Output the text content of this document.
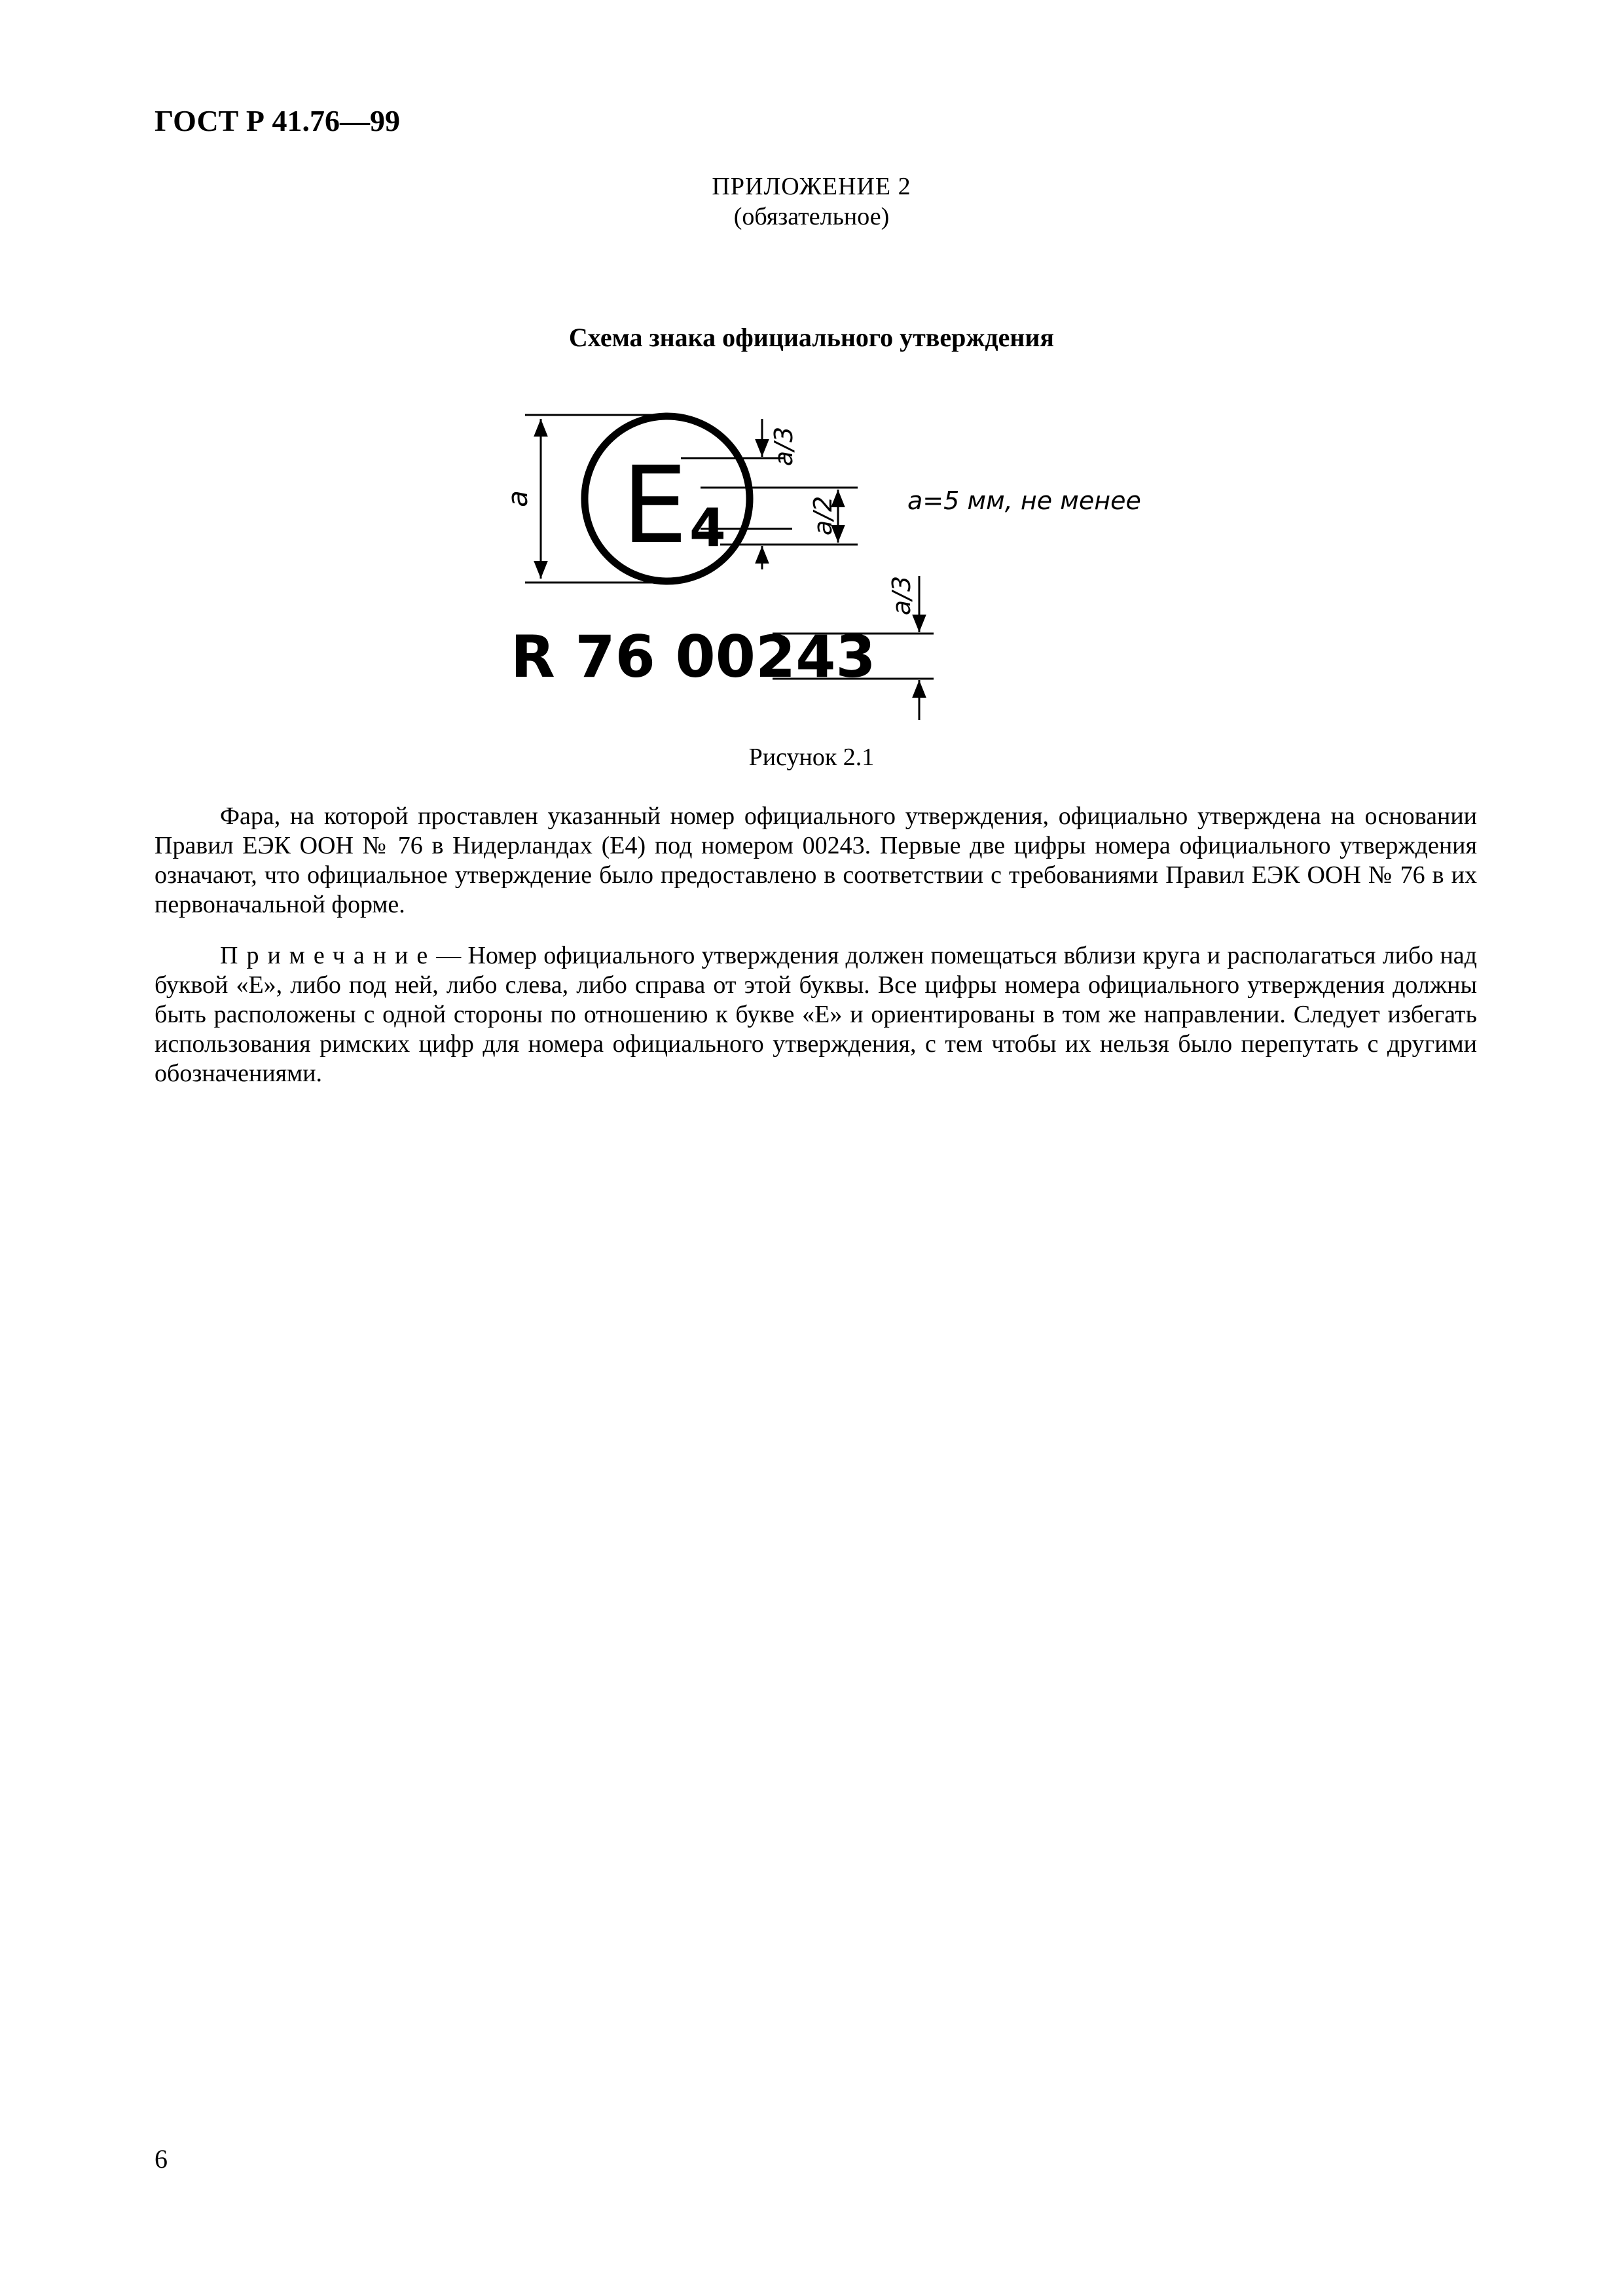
ГОСТ Р 41.76—99
ПРИЛОЖЕНИЕ 2
(обязательное)
Схема знака официального утверждения
E 4
a
a/3
a/2	a=5 мм, не менее
R 76 00243
a/3
Рисунок 2.1
Фара, на которой проставлен указанный номер официального утверждения, официально утверждена на основании Правил ЕЭК ООН № 76 в Нидерландах (E4) под номером 00243. Первые две цифры номера официального утверждения означают, что официальное утверждение было предоставлено в соответствии с требованиями Правил ЕЭК ООН № 76 в их первоначальной форме.
Примечание— Номер официального утверждения должен помещаться вблизи круга и располагаться либо над буквой «E», либо под ней, либо слева, либо справа от этой буквы. Все цифры номера официального утверждения должны быть расположены с одной стороны по отношению к букве «E» и ориентированы в том же направлении. Следует избегать использования римских цифр для номера официального утверждения, с тем чтобы их нельзя было перепутать с другими обозначениями.
6
